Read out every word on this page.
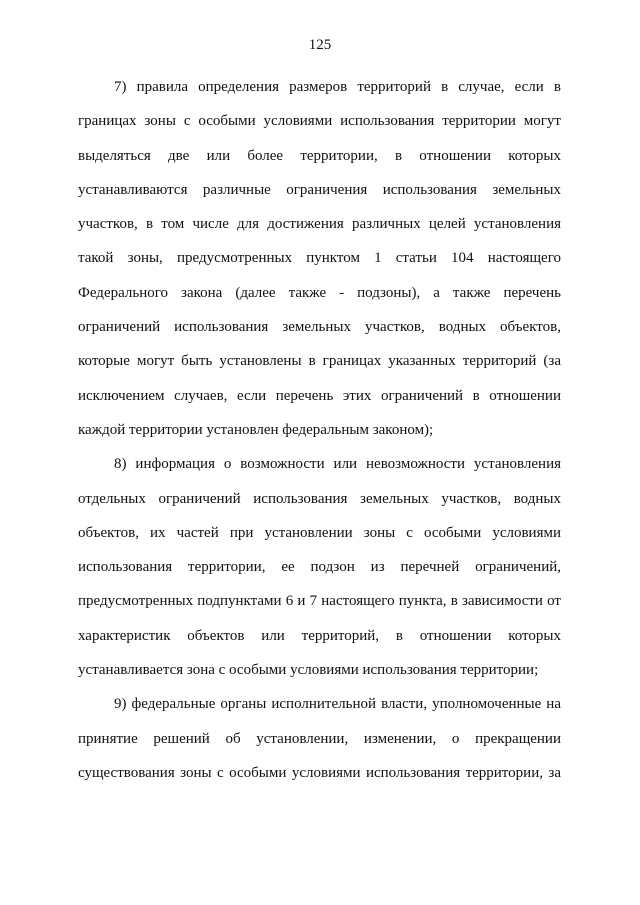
125

7) правила определения размеров территорий в случае, если в
границах зоны с особыми условиями использования территории могут
выделяться две или более территории, в отношении которых
устанавливаются различные ограничения использования земельных
участков, в том числе для достижения различных целей установления
такой зоны, предусмотренных пунктом 1 статьи 104 настоящего
Федерального закона (далее также - подзоны), а также перечень
ограничений использования земельных участков, водных объектов,
которые могут быть установлены в границах указанных территорий (за
исключением случаев, если перечень этих ограничений в отношении
каждой территории установлен федеральным законом);

8) информация о возможности или невозможности установления
отдельных ограничений использования земельных участков, водных
объектов, их частей при установлении зоны с особыми условиями
использования территории, ее подзон из перечней ограничений,
предусмотренных подпунктами 6 и 7 настоящего пункта, в зависимости от
характеристик объектов или территорий, в отношении которых
устанавливается зона с особыми условиями использования территории;

9) федеральные органы исполнительной власти, уполномоченные на
принятие решений об установлении, изменении, о прекращении
существования зоны с особыми условиями использования территории, за
